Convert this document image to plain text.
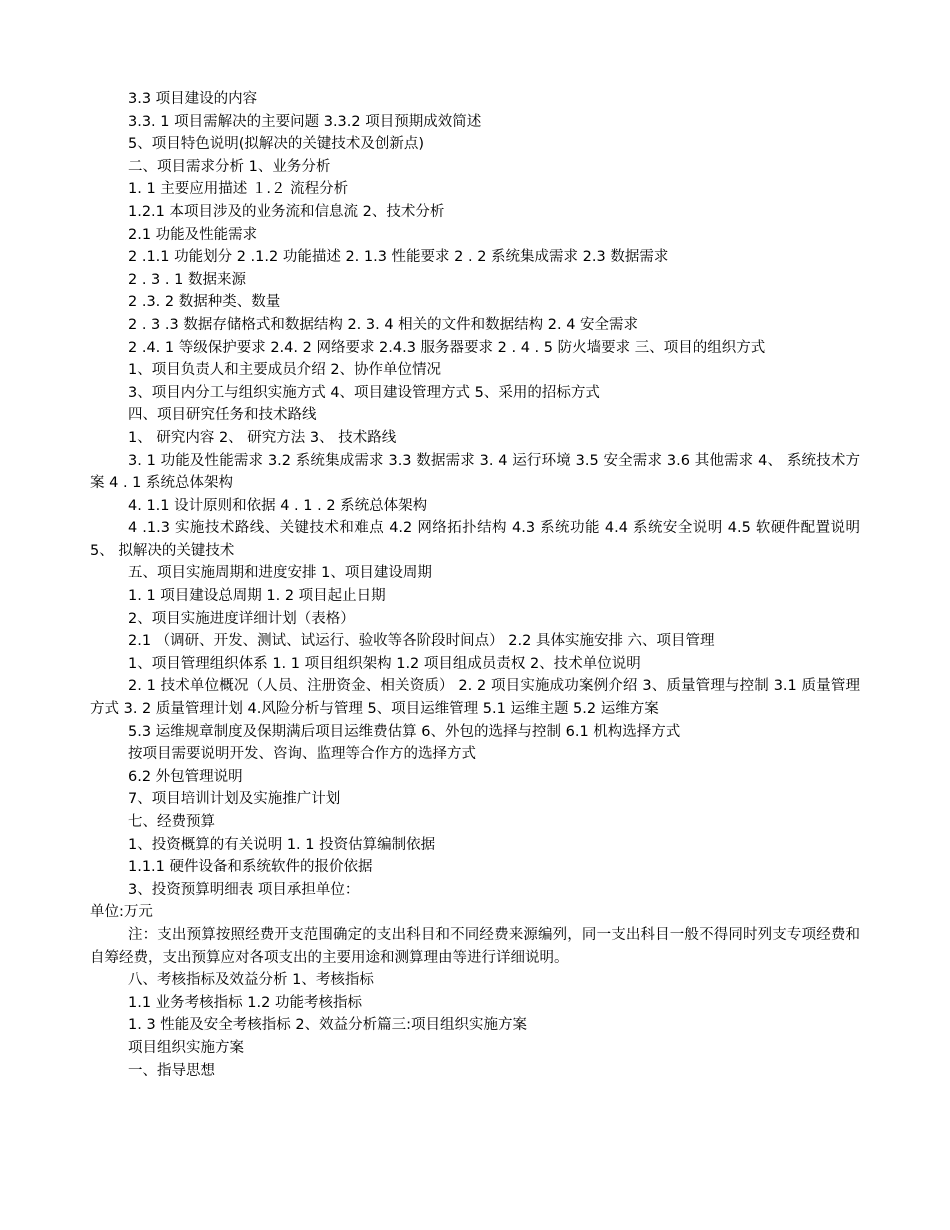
3.3 项目建设的内容

3.3. 1 项目需解决的主要问题 3.3.2 项目预期成效简述

5、项目特色说明(拟解决的关键技术及创新点)

二、项目需求分析 1、业务分析

1. 1 主要应用描述 １.２ 流程分析

1.2.1 本项目涉及的业务流和信息流 2、技术分析

2.1 功能及性能需求

2 .1.1 功能划分 2 .1.2 功能描述 2. 1.3 性能要求 2 . 2 系统集成需求 2.3 数据需求

2 . 3 . 1 数据来源

2 .3. 2 数据种类、数量

2 . 3 .3 数据存储格式和数据结构 2. 3. 4 相关的文件和数据结构 2. 4 安全需求

2 .4. 1 等级保护要求 2.4. 2 网络要求 2.4.3 服务器要求 2 . 4 . 5 防火墙要求 三、项目的组织方式

1、项目负责人和主要成员介绍 2、协作单位情况

3、项目内分工与组织实施方式 4、项目建设管理方式 5、采用的招标方式

四、项目研究任务和技术路线

1、 研究内容 2、 研究方法 3、 技术路线

3. 1 功能及性能需求 3.2 系统集成需求 3.3 数据需求 3. 4 运行环境 3.5 安全需求 3.6 其他需求 4、 系统技术方案 4 . 1 系统总体架构

4. 1.1 设计原则和依据 4 . 1 . 2 系统总体架构

4 .1.3 实施技术路线、关键技术和难点 4.2 网络拓扑结构 4.3 系统功能 4.4 系统安全说明 4.5 软硬件配置说明 5、 拟解决的关键技术

五、项目实施周期和进度安排 1、项目建设周期

1. 1 项目建设总周期 1. 2 项目起止日期

2、项目实施进度详细计划（表格）

2.1 （调研、开发、测试、试运行、验收等各阶段时间点） 2.2 具体实施安排 六、项目管理

1、项目管理组织体系 1. 1 项目组织架构 1.2 项目组成员责权 2、技术单位说明

2. 1 技术单位概况（人员、注册资金、相关资质） 2. 2 项目实施成功案例介绍 3、质量管理与控制 3.1 质量管理方式 3. 2 质量管理计划 4.风险分析与管理 5、项目运维管理 5.1 运维主题 5.2 运维方案

5.3 运维规章制度及保期满后项目运维费估算 6、外包的选择与控制 6.1 机构选择方式

按项目需要说明开发、咨询、监理等合作方的选择方式

6.2 外包管理说明

7、项目培训计划及实施推广计划

七、经费预算

1、投资概算的有关说明 1. 1 投资估算编制依据

1.1.1 硬件设备和系统软件的报价依据

3、投资预算明细表 项目承担单位：

单位:万元

注：支出预算按照经费开支范围确定的支出科目和不同经费来源编列，同一支出科目一般不得同时列支专项经费和自筹经费，支出预算应对各项支出的主要用途和测算理由等进行详细说明。

八、考核指标及效益分析 1、考核指标

1.1 业务考核指标 1.2 功能考核指标

1. 3 性能及安全考核指标 2、效益分析篇三:项目组织实施方案

项目组织实施方案

一、指导思想
